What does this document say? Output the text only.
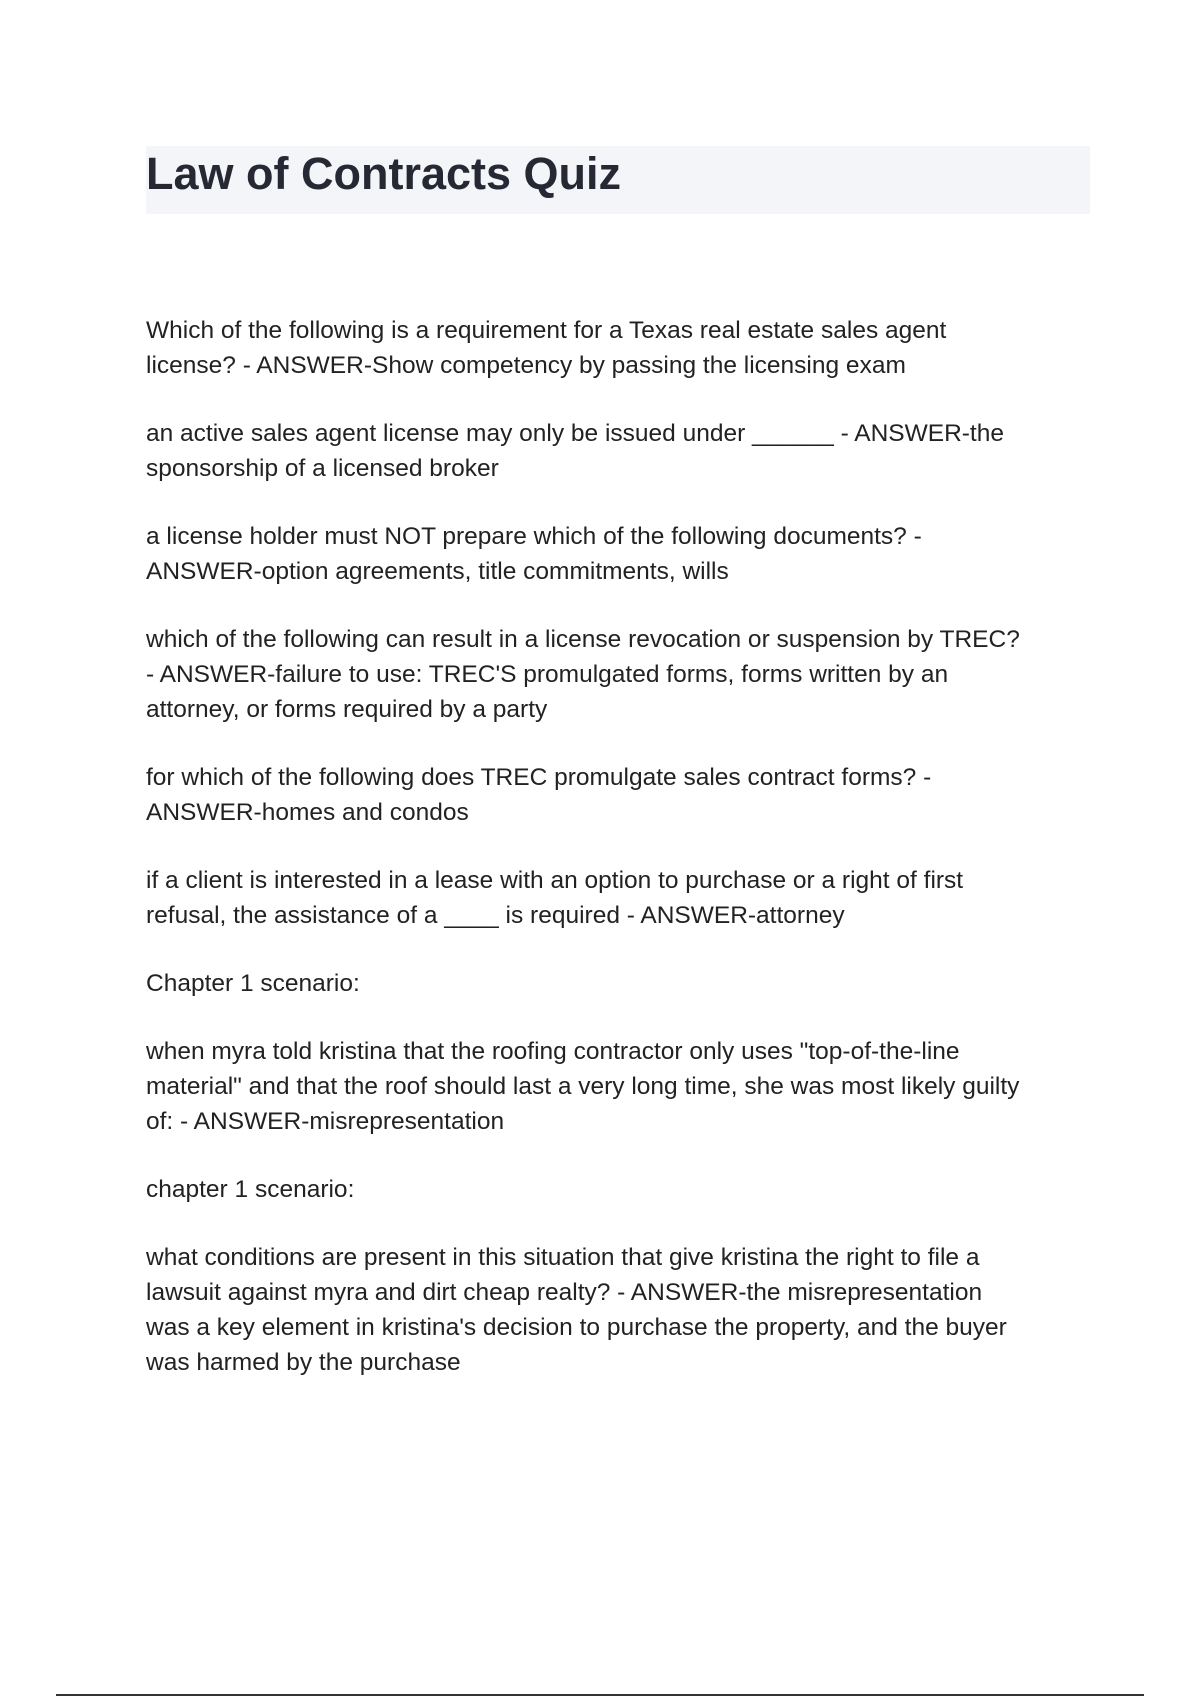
Law of Contracts Quiz

Which of the following is a requirement for a Texas real estate sales agent
license? - ANSWER-Show competency by passing the licensing exam

an active sales agent license may only be issued under ______ - ANSWER-the
sponsorship of a licensed broker

a license holder must NOT prepare which of the following documents? -
ANSWER-option agreements, title commitments, wills

which of the following can result in a license revocation or suspension by TREC?
- ANSWER-failure to use: TREC'S promulgated forms, forms written by an
attorney, or forms required by a party

for which of the following does TREC promulgate sales contract forms? -
ANSWER-homes and condos

if a client is interested in a lease with an option to purchase or a right of first
refusal, the assistance of a ____ is required - ANSWER-attorney

Chapter 1 scenario:

when myra told kristina that the roofing contractor only uses "top-of-the-line
material" and that the roof should last a very long time, she was most likely guilty
of: - ANSWER-misrepresentation

chapter 1 scenario:

what conditions are present in this situation that give kristina the right to file a
lawsuit against myra and dirt cheap realty? - ANSWER-the misrepresentation
was a key element in kristina's decision to purchase the property, and the buyer
was harmed by the purchase
